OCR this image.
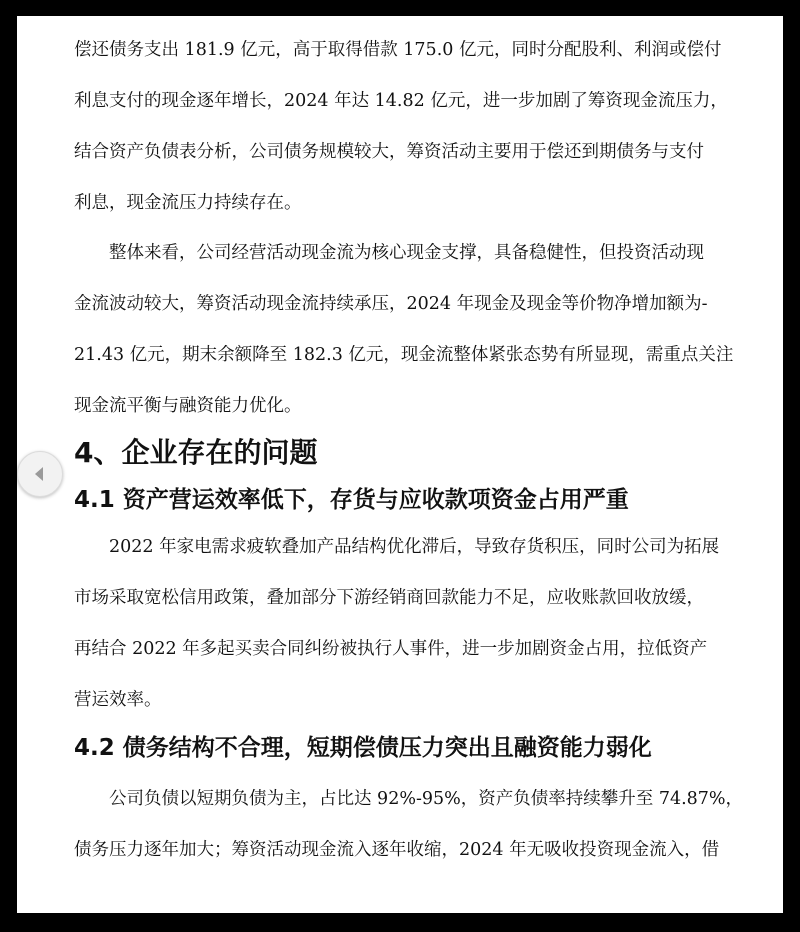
偿还债务支出 181.9 亿元，高于取得借款 175.0 亿元，同时分配股利、利润或偿付
利息支付的现金逐年增长，2024 年达 14.82 亿元，进一步加剧了筹资现金流压力，
结合资产负债表分析，公司债务规模较大，筹资活动主要用于偿还到期债务与支付
利息，现金流压力持续存在。
整体来看，公司经营活动现金流为核心现金支撑，具备稳健性，但投资活动现
金流波动较大，筹资活动现金流持续承压，2024 年现金及现金等价物净增加额为-
21.43 亿元，期末余额降至 182.3 亿元，现金流整体紧张态势有所显现，需重点关注
现金流平衡与融资能力优化。
4、企业存在的问题
4.1 资产营运效率低下，存货与应收款项资金占用严重
2022 年家电需求疲软叠加产品结构优化滞后，导致存货积压，同时公司为拓展
市场采取宽松信用政策，叠加部分下游经销商回款能力不足，应收账款回收放缓，
再结合 2022 年多起买卖合同纠纷被执行人事件，进一步加剧资金占用，拉低资产
营运效率。
4.2 债务结构不合理，短期偿债压力突出且融资能力弱化
公司负债以短期负债为主，占比达 92%-95%，资产负债率持续攀升至 74.87%，
债务压力逐年加大；筹资活动现金流入逐年收缩，2024 年无吸收投资现金流入，借
